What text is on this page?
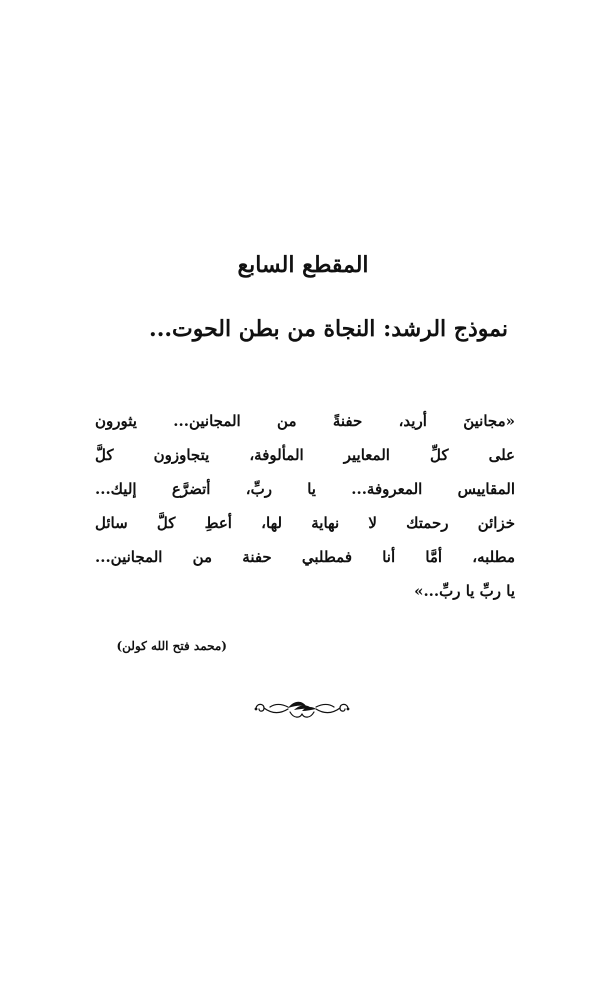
المقطع السابع
نموذج الرشد: النجاة من بطن الحوت...
«مجانينَ أريد، حفنةً من المجانين... يثورون
على كلِّ المعايير المألوفة، يتجاوزون كلَّ
المقاييس المعروفة... يا ربِّ، أتضرَّع إليك...
خزائن رحمتك لا نهاية لها، أعطِ كلَّ سائل
مطلبه، أمَّا أنا فمطلبي حفنة من المجانين...
يا ربِّ يا ربِّ...»
(محمد فتح الله كولن)
